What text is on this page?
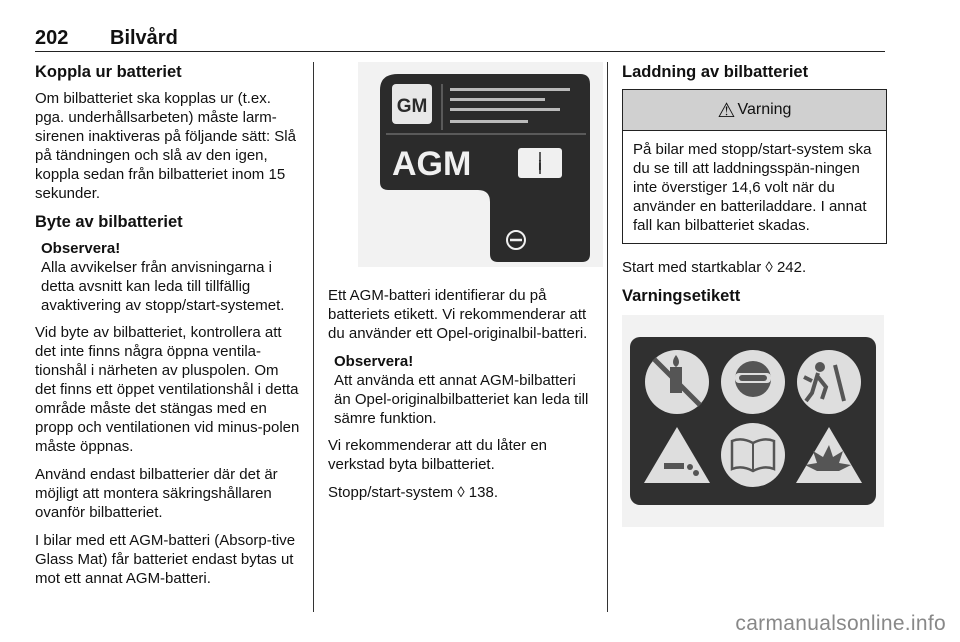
202 Bilvård
Koppla ur batteriet

Om bilbatteriet ska kopplas ur (t.ex. pga. underhållsarbeten) måste larm-sirenen inaktiveras på följande sätt: Slå på tändningen och slå av den igen, koppla sedan från bilbatteriet inom 15 sekunder.

Byte av bilbatteriet
Observera!
Alla avvikelser från anvisningarna i detta avsnitt kan leda till tillfällig avaktivering av stopp/start-systemet.

Vid byte av bilbatteriet, kontrollera att det inte finns några öppna ventila-tionshål i närheten av pluspolen. Om det finns ett öppet ventilationshål i detta område måste det stängas med en propp och ventilationen vid minus-polen måste öppnas.

Använd endast bilbatterier där det är möjligt att montera säkringshållaren ovanför bilbatteriet.

I bilar med ett AGM-batteri (Absorp-tive Glass Mat) får batteriet endast bytas ut mot ett annat AGM-batteri.

GM
AGM	i

Ett AGM-batteri identifierar du på batteriets etikett. Vi rekommenderar att du använder ett Opel-originalbil-batteri.

Observera!
Att använda ett annat AGM-bilbatteri än Opel-originalbilbatteriet kan leda till sämre funktion.

Vi rekommenderar att du låter en verkstad byta bilbatteriet.

Stopp/start-system ◊ 138.

Laddning av bilbatteriet
⚠ Varning
På bilar med stopp/start-system ska du se till att laddningsspän-ningen inte överstiger 14,6 volt när du använder en batteriladdare. I annat fall kan bilbatteriet skadas.

Start med startkablar ◊ 242.

Varningsetikett
carmanualsonline.info
